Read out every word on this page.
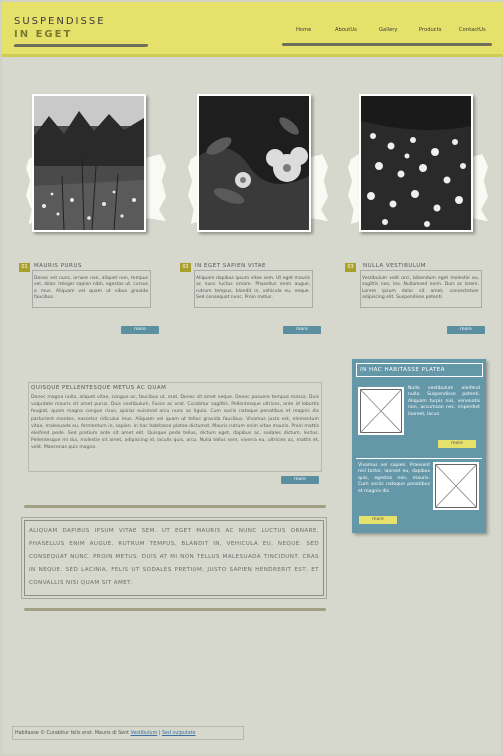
SUSPENDISSE
IN EGET	Home	AboutUs	Gallery	Products	ContactUs
01	MAURIS PURUS
Donec est nunc, ornare non, aliquet non, tempus vel, dolor. Integer sapien nibh, egestas ut, cursus a mus. Aliquam vel quam ut nibus gravida faucibus.
more
02	IN EGET SAPIEN VITAE
Aliquam dapibus ipsum vitae sem. Ut eget mauris ac nunc luctus ornare. Phasellus enim augue, rutrum tempus, blandit in, vehicula eu, neque. Sed consequat nunc. Proin metus.
more
03	NULLA VESTIBULUM
Vestibulum velit orci, bibendum eget molestie eu, sagittis non, leo. Nullamsed enim. Duis ac lorem. Lorem ipsum dolor sit amet, consectetuer adipiscing elit. Suspendisse potenti.
more
QUISQUE PELLENTESQUE METUS AC QUAM
Donec magna nulla, aliquet vitae, congue ac, faucibus ut, erat. Donec sit amet neque. Donec posuere tempus massa. Duis vulputate mauris sit amet purus. Duis vestibulum. Fusce ac erat. Curabitur sagittis. Pellentesque ultrices, ante id lobortis feugiat, quam magna congue risus, quinar euismod arcu nunc ac ligula. Cum sociis natoque penatibus et magnis dis parturient montes, nascetur ridiculus mus. Aliquam vel quam ut tellus gravida faucibus. Vivamus justo est, elementum vitae, malesuada eu, fermentum in, sapien. In hac habitasse platea dictumst. Mauris rutrum enim vitae mauris. Proin mattis eleifend pede. Sed pretium ante sit amet elit. Quisque pede tellus, dictum eget, dapibus ac, sodales dictum, lectus. Pellentesque mi dui, molestie sit amet, adipiscing id, iaculis quis, arcu. Nulla tellus sem, viverra eu, ultricies ac, mattis et, velit. Maecenas quis magna.
more
ALIQUAM DAPIBUS IPSUM VITAE SEM. UT EGET MAURIS AC NUNC LUCTUS ORNARE. PHASELLUS ENIM AUGUE, RUTRUM TEMPUS, BLANDIT IN, VEHICULA EU, NEQUE. SED CONSEQUAT NUNC. PROIN METUS. DUIS AT MI NON TELLUS MALESUADA TINCIDUNT. CRAS IN NEQUE. SED LACINIA, FELIS UT SODALES PRETIUM, JUSTO SAPIEN HENDRERIT EST, ET CONVALLIS NISI QUAM SIT AMET.
IN HAC HABITASSE PLATEA
Nulla vestibulum eleifend nulla. Suspendisse potenti. Aliquam turpis nisi, venenatis non, accumsan nec, imperdiet laoreet, lacus.
more
Vivamus vel sapien. Praesent nisl tortor, laoreet eu, dapibus quis, egestas non, mauris. Cum sociis natoque penatibus et magnis dis.
more
Habitasse © Curabitur felis erat. Mauris di Sent Vestibulum | Sed vulputate
